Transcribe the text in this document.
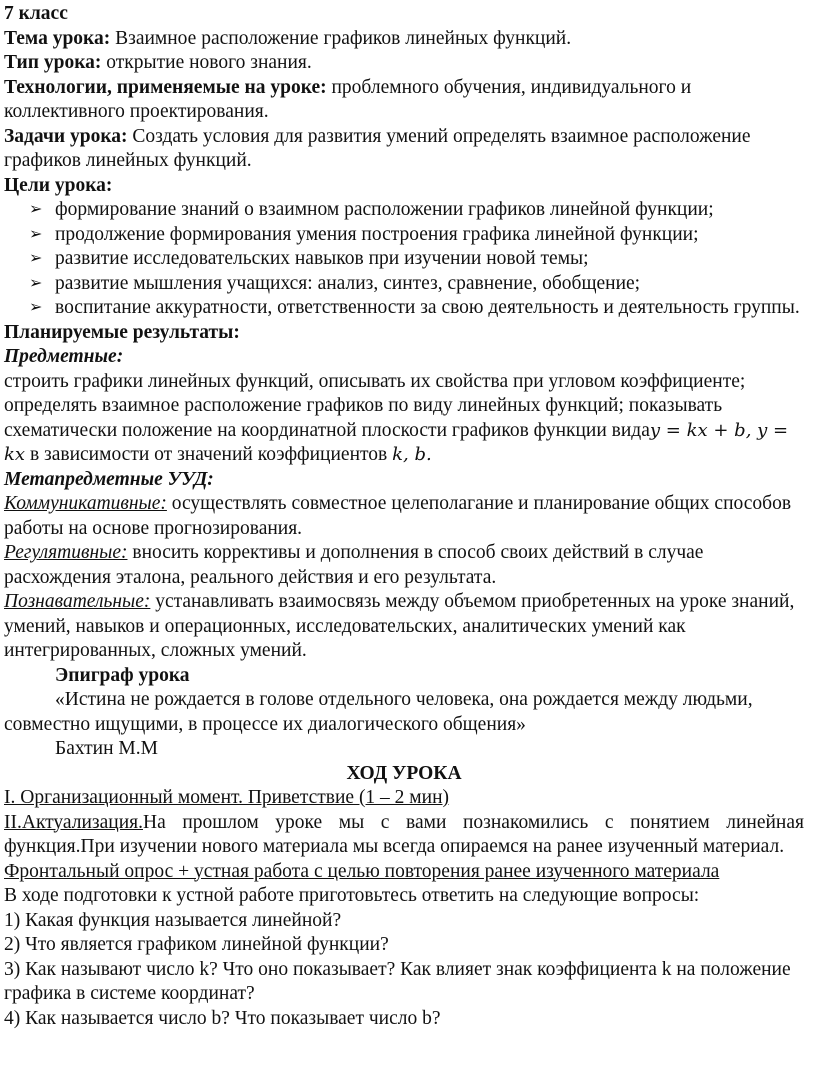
7 класс

Тема урока: Взаимное расположение графиков линейных функций.

Тип урока: открытие нового знания.

Технологии, применяемые на уроке: проблемного обучения, индивидуального и коллективного проектирования.

Задачи урока: Создать условия для развития умений определять взаимное расположение графиков линейных функций.

Цели урока:

➢ формирование знаний о взаимном расположении графиков линейной функции;
➢ продолжение формирования умения построения графика линейной функции;
➢ развитие исследовательских навыков при изучении новой темы;
➢ развитие мышления учащихся: анализ, синтез, сравнение, обобщение;
➢ воспитание аккуратности, ответственности за свою деятельность и деятельность группы.

Планируемые результаты:

Предметные:

строить графики линейных функций, описывать их свойства при угловом коэффициенте; определять взаимное расположение графиков по виду линейных функций; показывать схематически положение на координатной плоскости графиков функции видаy = kx + b, y = kx в зависимости от значений коэффициентов k, b.

Метапредметные УУД:

Коммуникативные: осуществлять совместное целеполагание и планирование общих способов работы на основе прогнозирования.

Регулятивные: вносить коррективы и дополнения в способ своих действий в случае расхождения эталона, реального действия и его результата.

Познавательные: устанавливать взаимосвязь между объемом приобретенных на уроке знаний, умений, навыков и операционных, исследовательских, аналитических умений как интегрированных, сложных умений.

Эпиграф урока

«Истина не рождается в голове отдельного человека, она рождается между людьми, совместно ищущими, в процессе их диалогического общения»

Бахтин М.М

ХОД УРОКА

I. Организационный момент. Приветствие (1 – 2 мин)

II.Актуализация.На прошлом уроке мы с вами познакомились с понятием линейная функция.При изучении нового материала мы всегда опираемся на ранее изученный материал.

Фронтальный опрос + устная работа с целью повторения ранее изученного материала

В ходе подготовки к устной работе приготовьтесь ответить на следующие вопросы:

1) Какая функция называется линейной?

2) Что является графиком линейной функции?

3) Как называют число k? Что оно показывает? Как влияет знак коэффициента k на положение графика в системе координат?

4) Как называется число b? Что показывает число b?
